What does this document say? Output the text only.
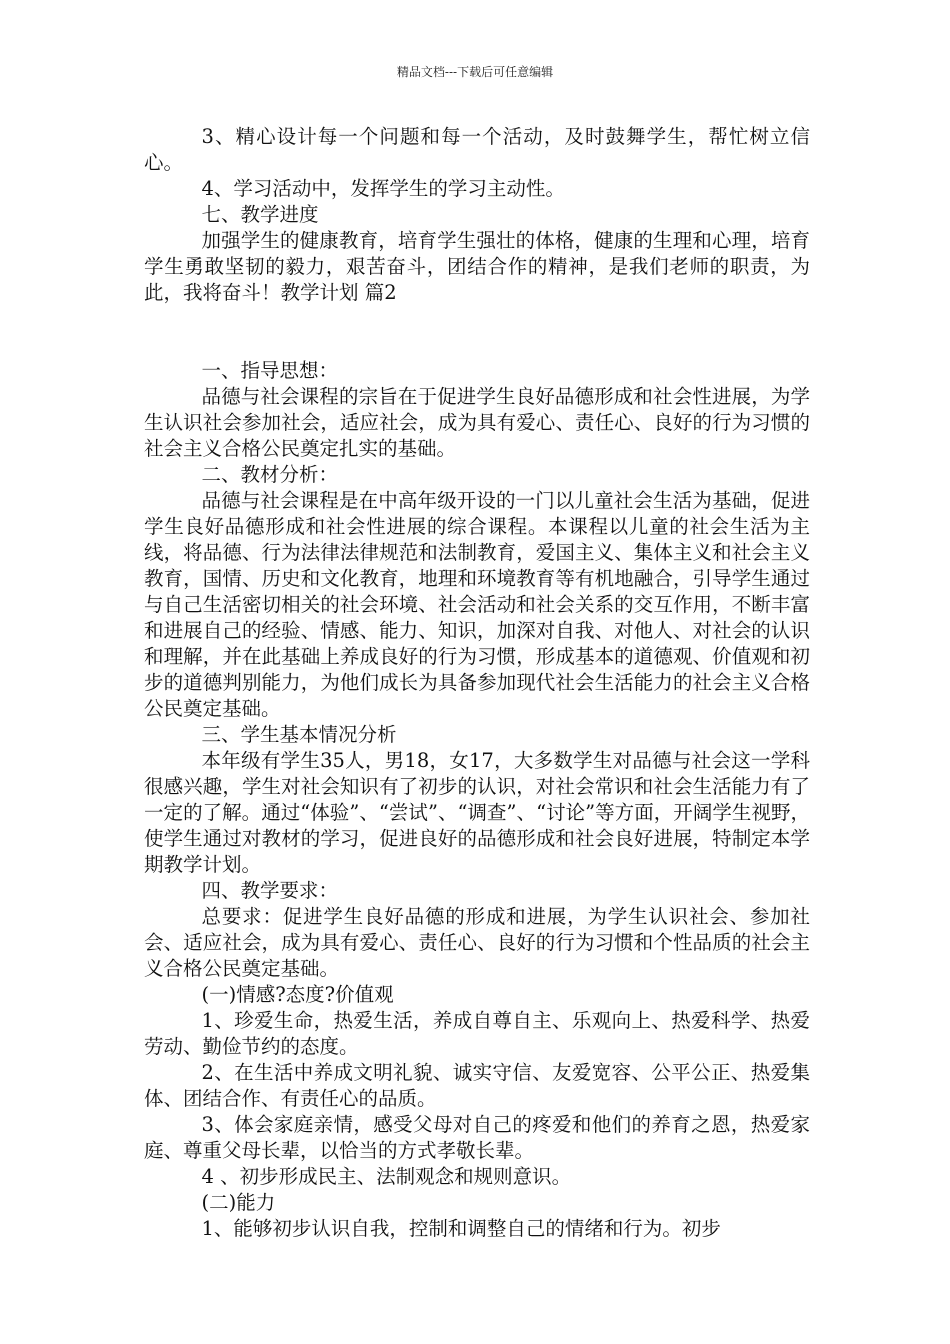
精品文档---下载后可任意编辑

3、精心设计每一个问题和每一个活动，及时鼓舞学生，帮忙树立信心。

4、学习活动中，发挥学生的学习主动性。

七、教学进度

加强学生的健康教育，培育学生强壮的体格，健康的生理和心理，培育学生勇敢坚韧的毅力，艰苦奋斗，团结合作的精神，是我们老师的职责，为此，我将奋斗！教学计划 篇2

一、指导思想：

品德与社会课程的宗旨在于促进学生良好品德形成和社会性进展，为学生认识社会参加社会，适应社会，成为具有爱心、责任心、良好的行为习惯的社会主义合格公民奠定扎实的基础。

二、教材分析：

品德与社会课程是在中高年级开设的一门以儿童社会生活为基础，促进学生良好品德形成和社会性进展的综合课程。本课程以儿童的社会生活为主线，将品德、行为法律法律规范和法制教育，爱国主义、集体主义和社会主义教育，国情、历史和文化教育，地理和环境教育等有机地融合，引导学生通过与自己生活密切相关的社会环境、社会活动和社会关系的交互作用，不断丰富和进展自己的经验、情感、能力、知识，加深对自我、对他人、对社会的认识和理解，并在此基础上养成良好的行为习惯，形成基本的道德观、价值观和初步的道德判别能力，为他们成长为具备参加现代社会生活能力的社会主义合格公民奠定基础。

三、学生基本情况分析

本年级有学生35人，男18，女17，大多数学生对品德与社会这一学科很感兴趣，学生对社会知识有了初步的认识，对社会常识和社会生活能力有了一定的了解。通过“体验”、“尝试”、“调查”、“讨论”等方面，开阔学生视野，使学生通过对教材的学习，促进良好的品德形成和社会良好进展，特制定本学期教学计划。

四、教学要求：

总要求：促进学生良好品德的形成和进展，为学生认识社会、参加社会、适应社会，成为具有爱心、责任心、良好的行为习惯和个性品质的社会主义合格公民奠定基础。

(一)情感?态度?价值观

1、珍爱生命，热爱生活，养成自尊自主、乐观向上、热爱科学、热爱劳动、勤俭节约的态度。

2、在生活中养成文明礼貌、诚实守信、友爱宽容、公平公正、热爱集体、团结合作、有责任心的品质。

3、体会家庭亲情，感受父母对自己的疼爱和他们的养育之恩，热爱家庭、尊重父母长辈，以恰当的方式孝敬长辈。

4 、初步形成民主、法制观念和规则意识。

(二)能力

1、能够初步认识自我，控制和调整自己的情绪和行为。初步
